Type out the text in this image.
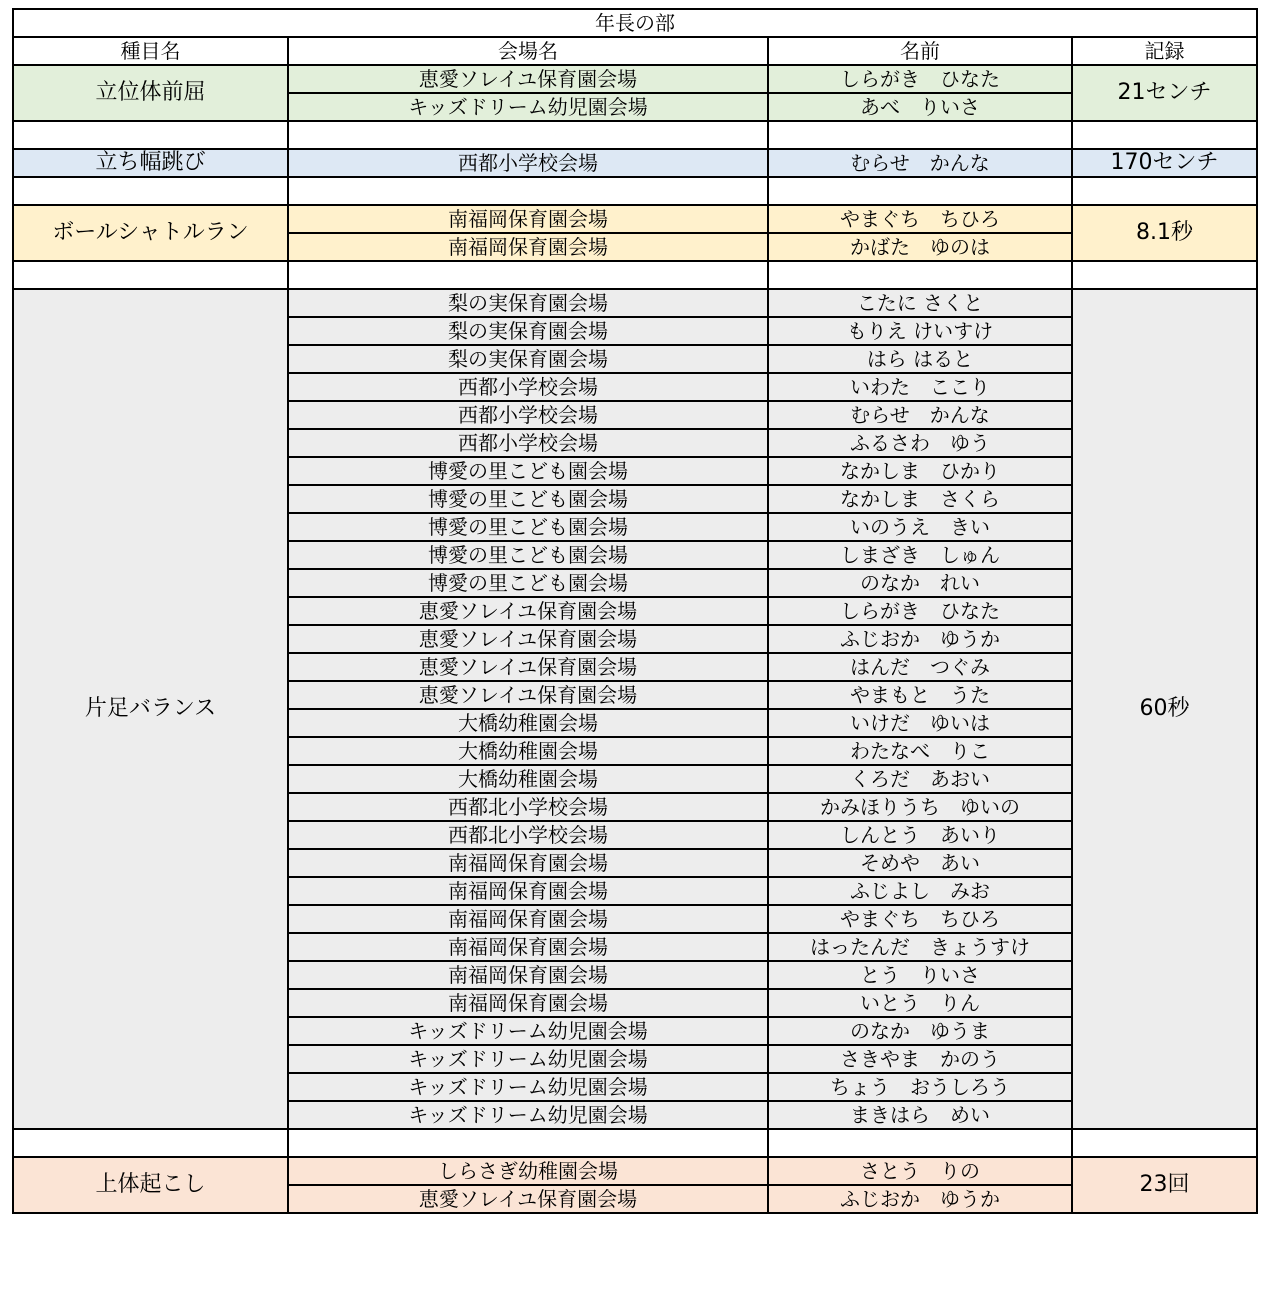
年長の部			
種目名	会場名	名前	記録
立位体前屈	恵愛ソレイユ保育園会場	しらがき　ひなた	21センチ
	キッズドリーム幼児園会場	あべ　りいさ	

立ち幅跳び	西都小学校会場	むらせ　かんな	170センチ

ボールシャトルラン	南福岡保育園会場	やまぐち　ちひろ	8.1秒
	南福岡保育園会場	かばた　ゆのは	

片足バランス	梨の実保育園会場	こたに さくと	60秒
	梨の実保育園会場	もりえ けいすけ	
	梨の実保育園会場	はら はると	
	西都小学校会場	いわた　ここり	
	西都小学校会場	むらせ　かんな	
	西都小学校会場	ふるさわ　ゆう	
	博愛の里こども園会場	なかしま　ひかり	
	博愛の里こども園会場	なかしま　さくら	
	博愛の里こども園会場	いのうえ　きい	
	博愛の里こども園会場	しまざき　しゅん	
	博愛の里こども園会場	のなか　れい	
	恵愛ソレイユ保育園会場	しらがき　ひなた	
	恵愛ソレイユ保育園会場	ふじおか　ゆうか	
	恵愛ソレイユ保育園会場	はんだ　つぐみ	
	恵愛ソレイユ保育園会場	やまもと　うた	
	大橋幼稚園会場	いけだ　ゆいは	
	大橋幼稚園会場	わたなべ　りこ	
	大橋幼稚園会場	くろだ　あおい	
	西都北小学校会場	かみほりうち　ゆいの	
	西都北小学校会場	しんとう　あいり	
	南福岡保育園会場	そめや　あい	
	南福岡保育園会場	ふじよし　みお	
	南福岡保育園会場	やまぐち　ちひろ	
	南福岡保育園会場	はったんだ　きょうすけ	
	南福岡保育園会場	とう　りいさ	
	南福岡保育園会場	いとう　りん	
	キッズドリーム幼児園会場	のなか　ゆうま	
	キッズドリーム幼児園会場	さきやま　かのう	
	キッズドリーム幼児園会場	ちょう　おうしろう	
	キッズドリーム幼児園会場	まきはら　めい	

上体起こし	しらさぎ幼稚園会場	さとう　りの	23回
	恵愛ソレイユ保育園会場	ふじおか　ゆうか	
